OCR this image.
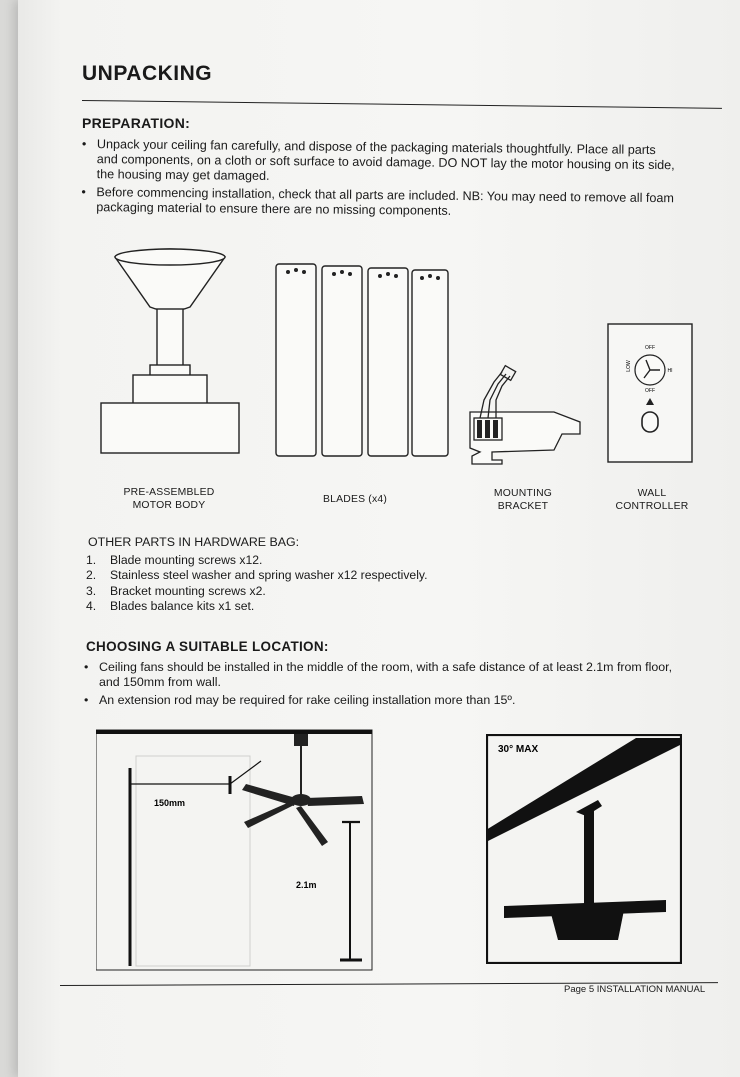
UNPACKING
PREPARATION:
• Unpack your ceiling fan carefully, and dispose of the packaging materials thoughtfully. Place all parts and components, on a cloth or soft surface to avoid damage. DO NOT lay the motor housing on its side, the housing may get damaged.
• Before commencing installation, check that all parts are included. NB: You may need to remove all foam packaging material to ensure there are no missing components.
OFF
LOW	HI
OFF
PRE-ASSEMBLED
MOTOR BODY
BLADES (x4)
MOUNTING
BRACKET
WALL
CONTROLLER
OTHER PARTS IN HARDWARE BAG:
1. Blade mounting screws x12.
2. Stainless steel washer and spring washer x12 respectively.
3. Bracket mounting screws x2.
4. Blades balance kits x1 set.
CHOOSING A SUITABLE LOCATION:
• Ceiling fans should be installed in the middle of the room, with a safe distance of at least 2.1m from floor, and 150mm from wall.
• An extension rod may be required for rake ceiling installation more than 15º.
150mm
2.1m
30° MAX
Page 5 INSTALLATION MANUAL
